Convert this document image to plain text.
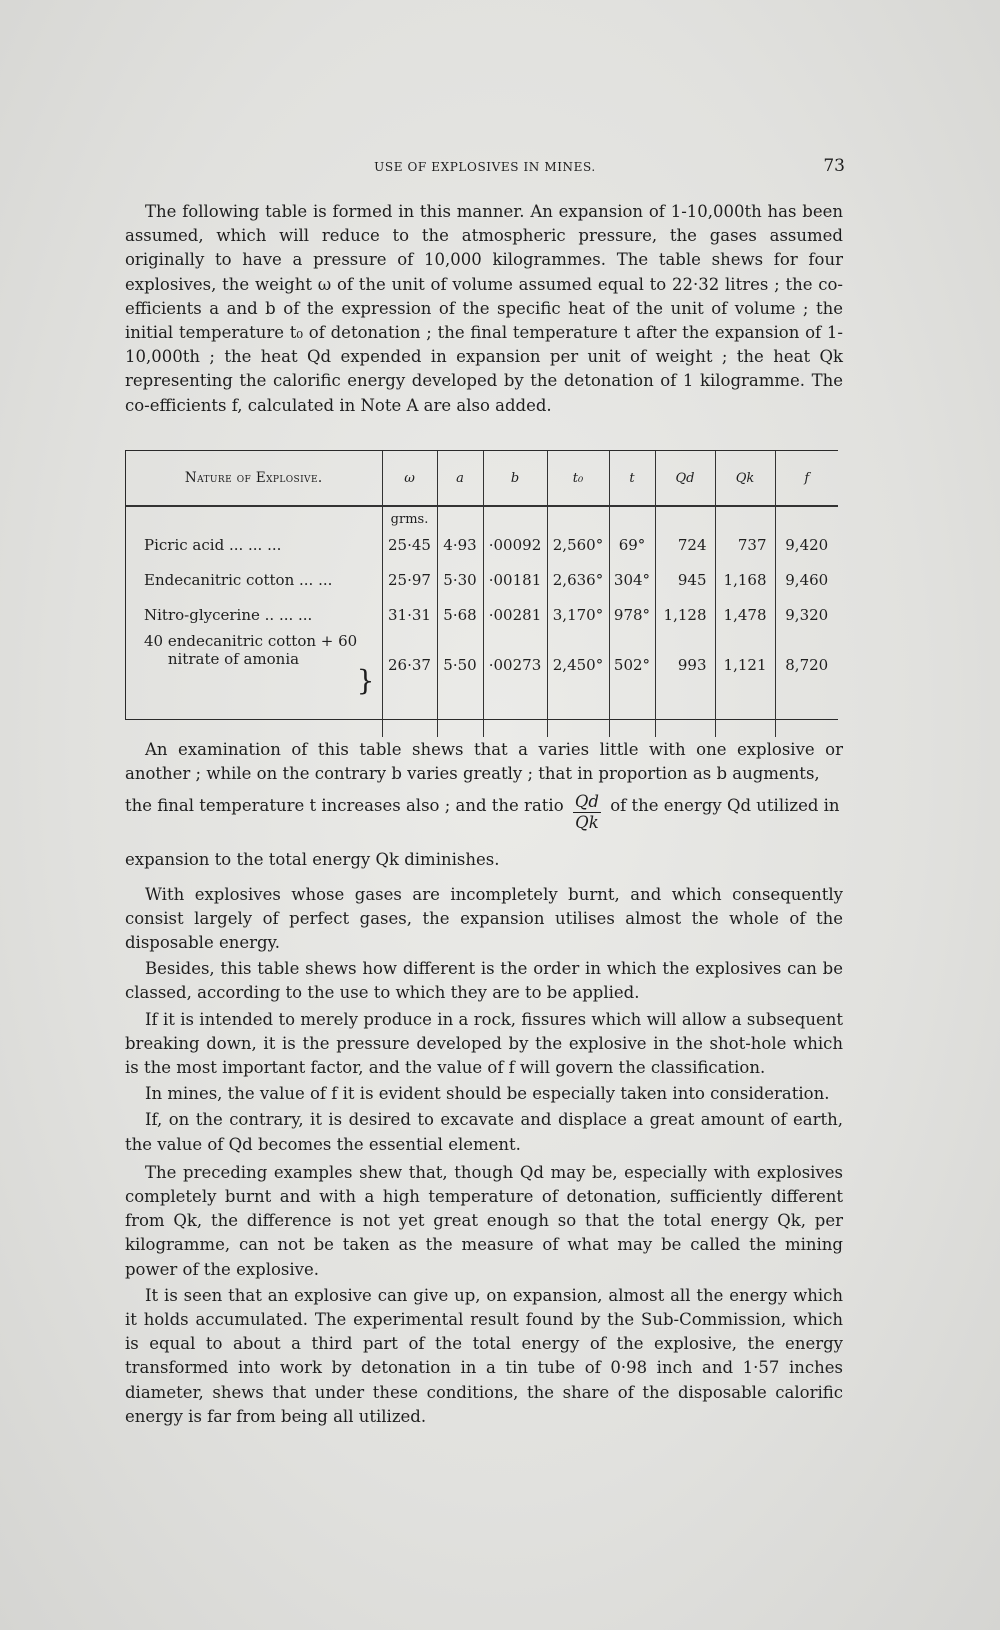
USE OF EXPLOSIVES IN MINES.	73

The following table is formed in this manner. An expansion of 1-10,000th has been assumed, which will reduce to the atmospheric pressure, the gases assumed originally to have a pressure of 10,000 kilogrammes. The table shews for four explosives, the weight ω of the unit of volume assumed equal to 22·32 litres ; the co-efficients a and b of the expression of the specific heat of the unit of volume ; the initial temperature t₀ of detonation ; the final temperature t after the expansion of 1-10,000th ; the heat Qd expended in expansion per unit of weight ; the heat Qk representing the calorific energy developed by the detonation of 1 kilogramme. The co-efficients f, calculated in Note A are also added.

Nature of Explosive.	ω	a	b	t₀	t	Qd	Qk	f
	grms.							
Picric acid ... ... ...	25·45	4·93	·00092	2,560°	69°	724	737	9,420
Endecanitric cotton ... ...	25·97	5·30	·00181	2,636°	304°	945	1,168	9,460
Nitro-glycerine .. ... ...	31·31	5·68	·00281	3,170°	978°	1,128	1,478	9,320
40 endecanitric cotton + 60
nitrate of amonia
}	26·37	5·50	·00273	2,450°	502°	993	1,121	8,720

An examination of this table shews that a varies little with one explosive or another ; while on the contrary b varies greatly ; that in proportion as b augments,

the final temperature t increases also ; and the ratio $\frac{Qd}{Qk}$ of the energy Qd utilized in

expansion to the total energy Qk diminishes.

With explosives whose gases are incompletely burnt, and which consequently consist largely of perfect gases, the expansion utilises almost the whole of the disposable energy.

Besides, this table shews how different is the order in which the explosives can be classed, according to the use to which they are to be applied.

If it is intended to merely produce in a rock, fissures which will allow a subsequent breaking down, it is the pressure developed by the explosive in the shot-hole which is the most important factor, and the value of f will govern the classification.

In mines, the value of f it is evident should be especially taken into consideration.

If, on the contrary, it is desired to excavate and displace a great amount of earth, the value of Qd becomes the essential element.

The preceding examples shew that, though Qd may be, especially with explosives completely burnt and with a high temperature of detonation, sufficiently different from Qk, the difference is not yet great enough so that the total energy Qk, per kilogramme, can not be taken as the measure of what may be called the mining power of the explosive.

It is seen that an explosive can give up, on expansion, almost all the energy which it holds accumulated. The experimental result found by the Sub-Commission, which is equal to about a third part of the total energy of the explosive, the energy transformed into work by detonation in a tin tube of 0·98 inch and 1·57 inches diameter, shews that under these conditions, the share of the disposable calorific energy is far from being all utilized.
